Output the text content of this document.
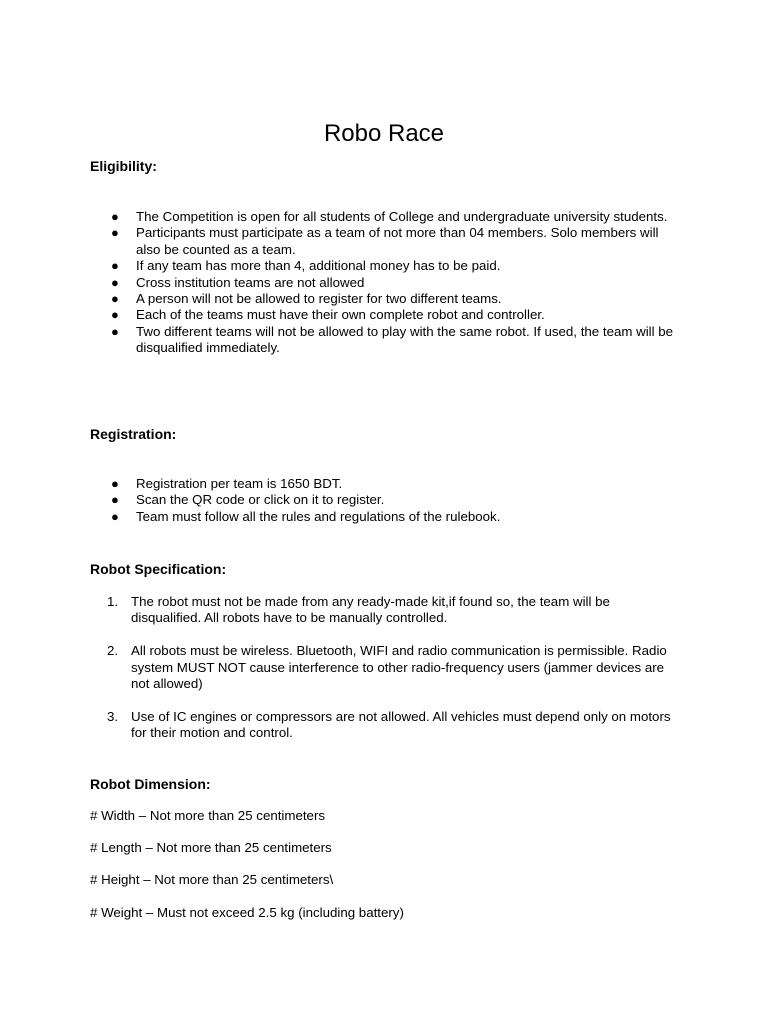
Robo Race

Eligibility:

● The Competition is open for all students of College and undergraduate university students.
● Participants must participate as a team of not more than 04 members. Solo members will also be counted as a team.
● If any team has more than 4, additional money has to be paid.
● Cross institution teams are not allowed
● A person will not be allowed to register for two different teams.
● Each of the teams must have their own complete robot and controller.
● Two different teams will not be allowed to play with the same robot. If used, the team will be disqualified immediately.

Registration:

● Registration per team is 1650 BDT.
● Scan the QR code or click on it to register.
● Team must follow all the rules and regulations of the rulebook.

Robot Specification:

1. The robot must not be made from any ready-made kit,if found so, the team will be disqualified. All robots have to be manually controlled.
2. All robots must be wireless. Bluetooth, WIFI and radio communication is permissible. Radio system MUST NOT cause interference to other radio-frequency users (jammer devices are not allowed)
3. Use of IC engines or compressors are not allowed. All vehicles must depend only on motors for their motion and control.

Robot Dimension:

# Width – Not more than 25 centimeters

# Length – Not more than 25 centimeters

# Height – Not more than 25 centimeters\

# Weight – Must not exceed 2.5 kg (including battery)
